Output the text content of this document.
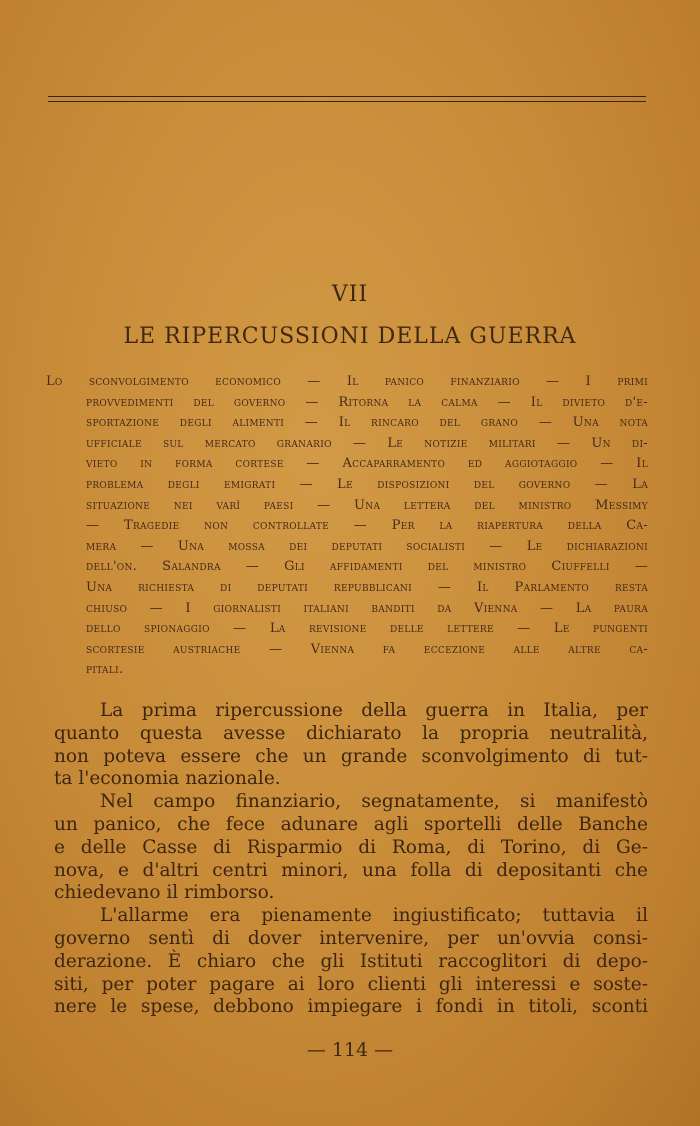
VII
LE RIPERCUSSIONI DELLA GUERRA
Lo sconvolgimento economico — Il panico finanziario — I primi
provvedimenti del governo — Ritorna la calma — Il divieto d'e-
sportazione degli alimenti — Il rincaro del grano — Una nota
ufficiale sul mercato granario — Le notizie militari — Un di-
vieto in forma cortese — Accaparramento ed aggiotaggio — Il
problema degli emigrati — Le disposizioni del governo — La
situazione nei varî paesi — Una lettera del ministro Messimy
— Tragedie non controllate — Per la riapertura della Ca-
mera — Una mossa dei deputati socialisti — Le dichiarazioni
dell'on. Salandra — Gli affidamenti del ministro Ciuffelli —
Una richiesta di deputati repubblicani — Il Parlamento resta
chiuso — I giornalisti italiani banditi da Vienna — La paura
dello spionaggio — La revisione delle lettere — Le pungenti
scortesie austriache — Vienna fa eccezione alle altre ca-
pitali.
La prima ripercussione della guerra in Italia, per
quanto questa avesse dichiarato la propria neutralità,
non poteva essere che un grande sconvolgimento di tut-
ta l'economia nazionale.
Nel campo finanziario, segnatamente, si manifestò
un panico, che fece adunare agli sportelli delle Banche
e delle Casse di Risparmio di Roma, di Torino, di Ge-
nova, e d'altri centri minori, una folla di depositanti che
chiedevano il rimborso.
L'allarme era pienamente ingiustificato; tuttavia il
governo sentì di dover intervenire, per un'ovvia consi-
derazione. È chiaro che gli Istituti raccoglitori di depo-
siti, per poter pagare ai loro clienti gli interessi e soste-
nere le spese, debbono impiegare i fondi in titoli, sconti
— 114 —
